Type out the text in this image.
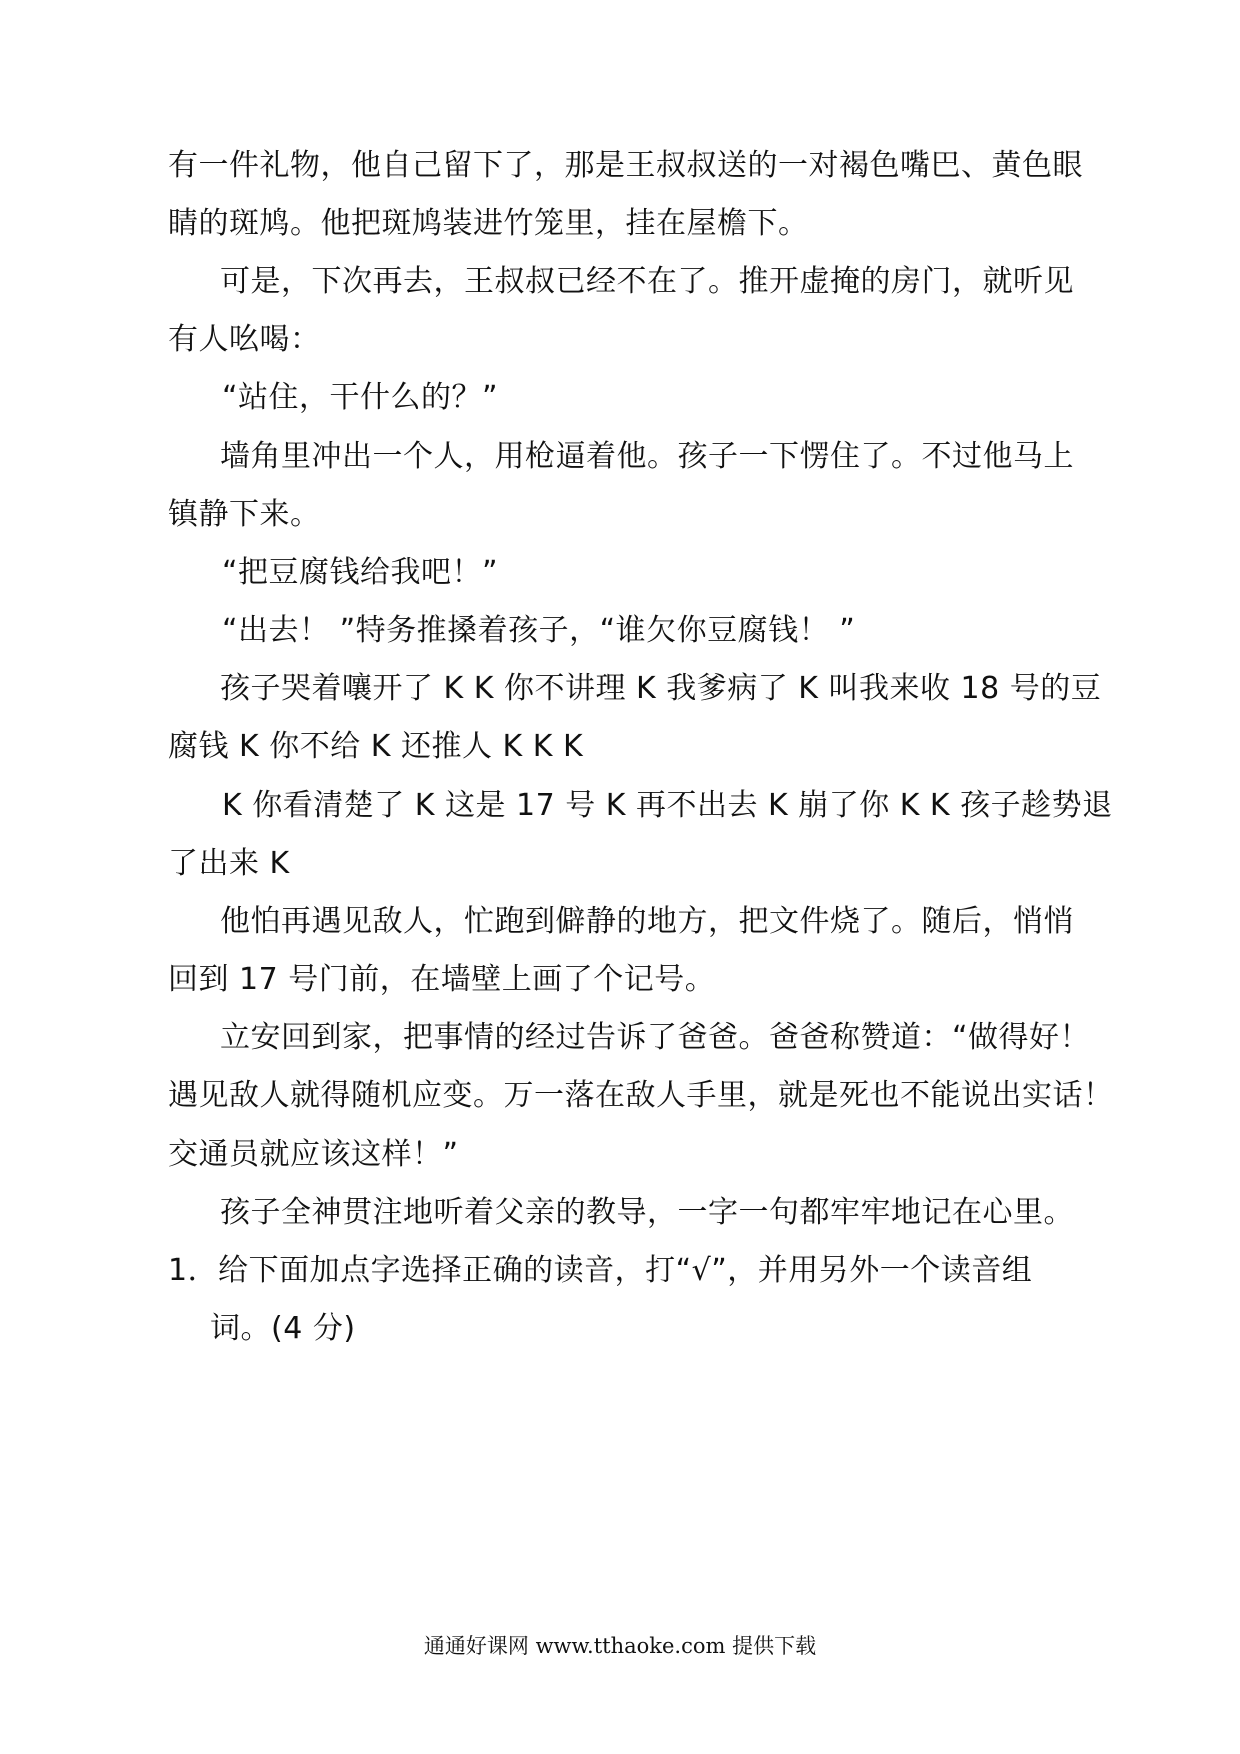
有一件礼物，他自己留下了，那是王叔叔送的一对褐色嘴巴、黄色眼
睛的斑鸠。他把斑鸠装进竹笼里，挂在屋檐下。
可是，下次再去，王叔叔已经不在了。推开虚掩的房门，就听见
有人吆喝：
“站住，干什么的？”
墙角里冲出一个人，用枪逼着他。孩子一下愣住了。不过他马上
镇静下来。
“把豆腐钱给我吧！”
“出去！ ”特务推搡着孩子，“谁欠你豆腐钱！ ”
孩子哭着嚷开了 K K 你不讲理 K 我爹病了 K 叫我来收 18 号的豆
腐钱 K 你不给 K 还推人 K K K
K 你看清楚了 K 这是 17 号 K 再不出去 K 崩了你 K K 孩子趁势退
了出来 K
他怕再遇见敌人，忙跑到僻静的地方，把文件烧了。随后，悄悄
回到 17 号门前，在墙壁上画了个记号。
立安回到家，把事情的经过告诉了爸爸。爸爸称赞道：“做得好！
遇见敌人就得随机应变。万一落在敌人手里，就是死也不能说出实话！
交通员就应该这样！”
孩子全神贯注地听着父亲的教导，一字一句都牢牢地记在心里。
1．给下面加点字选择正确的读音，打“√”，并用另外一个读音组
词。(4 分)
通通好课网 www.tthaoke.com 提供下载
